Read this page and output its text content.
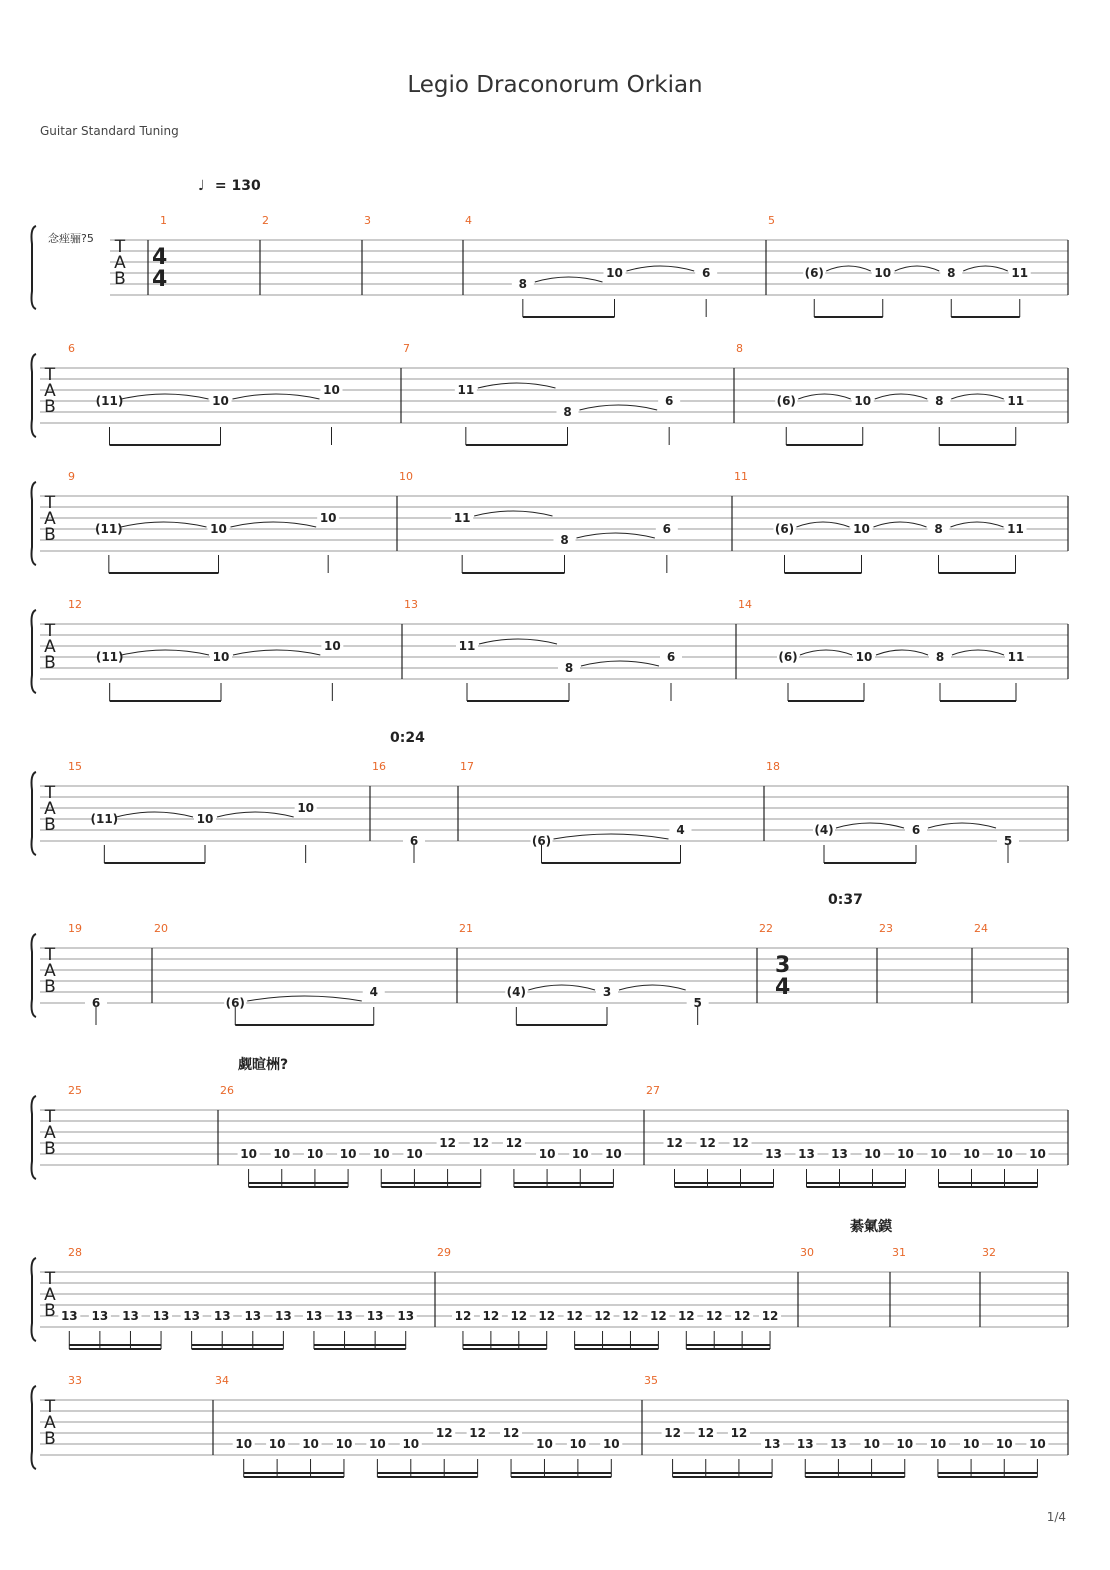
Legio Draconorum Orkian
Guitar Standard Tuning
♩ = 130
念痤骊?5
0:24
0:37
觑暄栦?
綦氭鏌
T
A
B
1
4
4
2	3	4
8
10	6
5
(6)	10	8	11
T
A
B
6
(11)	10
10
7
11
8
6
8
(6)	10	8	11
T
A
B
9
(11)	10
10
10
11
8
6
11
(6)	10	8	11
T
A
B
12
(11)	10
10
13
11
8
6
14
(6)	10	8	11
T
A
B
15
(11)	10
10
16
6
17
(6)
4
18
(4)	6
5
T
A
B
19
6
20
(6)
4
21
(4)	3
5
22
3
4
23	24
T
A
B
25	26
10 10 10 10 10 10
12 12 12
10 10 10
27
12 12 12
13 13 13 10 10 10 10 10 10
T
A
B
28
13 13 13 13 13 13 13 13 13 13 13 13
29
12 12 12 12 12 12 12 12 12 12 12 12
30	31	32
T
A
B
33	34
10 10 10 10 10 10
12 12 12
10 10 10
35
12 12 12
13 13 13 10 10 10 10 10 10
1/4
